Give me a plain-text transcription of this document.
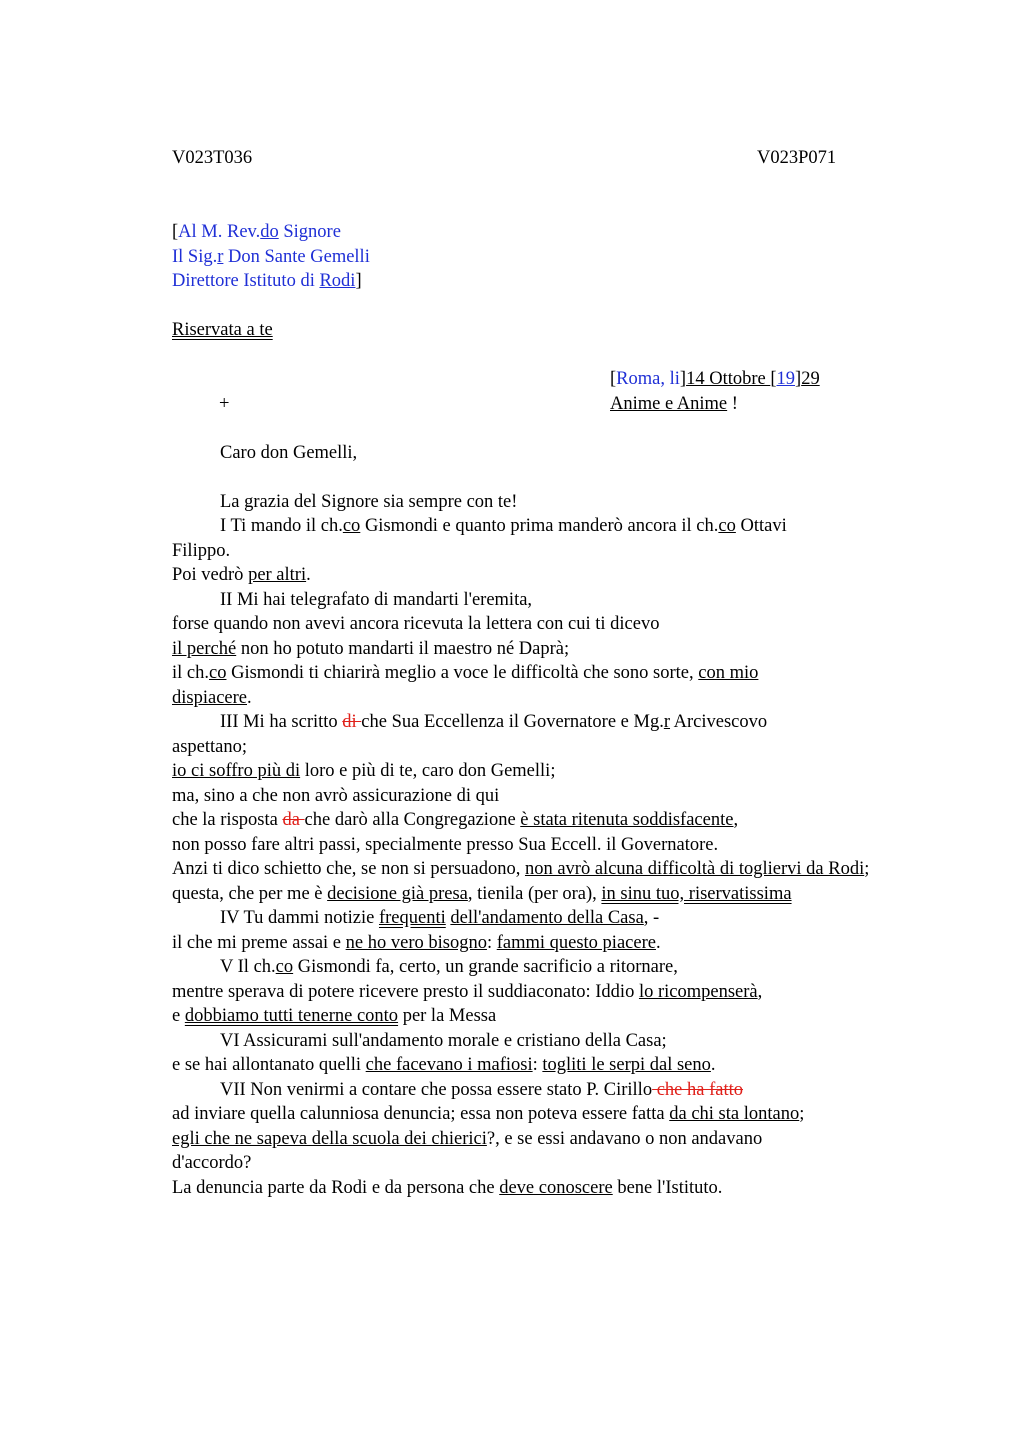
V023T036	V023P071
[Al M. Rev.do Signore
Il Sig.r Don Sante Gemelli
Direttore Istituto di Rodi]
Riservata a te
[Roma, li]14 Ottobre [19]29
Anime e Anime !
+
Caro don Gemelli,
La grazia del Signore sia sempre con te!
I Ti mando il ch.co Gismondi e quanto prima manderò ancora il ch.co Ottavi
Filippo.
Poi vedrò per altri.
II Mi hai telegrafato di mandarti l'eremita,
forse quando non avevi ancora ricevuta la lettera con cui ti dicevo
il perché non ho potuto mandarti il maestro né Daprà;
il ch.co Gismondi ti chiarirà meglio a voce le difficoltà che sono sorte, con mio
dispiacere.
III Mi ha scritto di che Sua Eccellenza il Governatore e Mg.r Arcivescovo
aspettano;
io ci soffro più di loro e più di te, caro don Gemelli;
ma, sino a che non avrò assicurazione di qui
che la risposta da che darò alla Congregazione è stata ritenuta soddisfacente,
non posso fare altri passi, specialmente presso Sua Eccell. il Governatore.
Anzi ti dico schietto che, se non si persuadono, non avrò alcuna difficoltà di togliervi da Rodi;
questa, che per me è decisione già presa, tienila (per ora), in sinu tuo, riservatissima
IV Tu dammi notizie frequenti dell'andamento della Casa, -
il che mi preme assai e ne ho vero bisogno: fammi questo piacere.
V Il ch.co Gismondi fa, certo, un grande sacrificio a ritornare,
mentre sperava di potere ricevere presto il suddiaconato: Iddio lo ricompenserà,
e dobbiamo tutti tenerne conto per la Messa
VI Assicurami sull'andamento morale e cristiano della Casa;
e se hai allontanato quelli che facevano i mafiosi: togliti le serpi dal seno.
VII Non venirmi a contare che possa essere stato P. Cirillo che ha fatto
ad inviare quella calunniosa denuncia; essa non poteva essere fatta da chi sta lontano;
egli che ne sapeva della scuola dei chierici?, e se essi andavano o non andavano
d'accordo?
La denuncia parte da Rodi e da persona che deve conoscere bene l'Istituto.
